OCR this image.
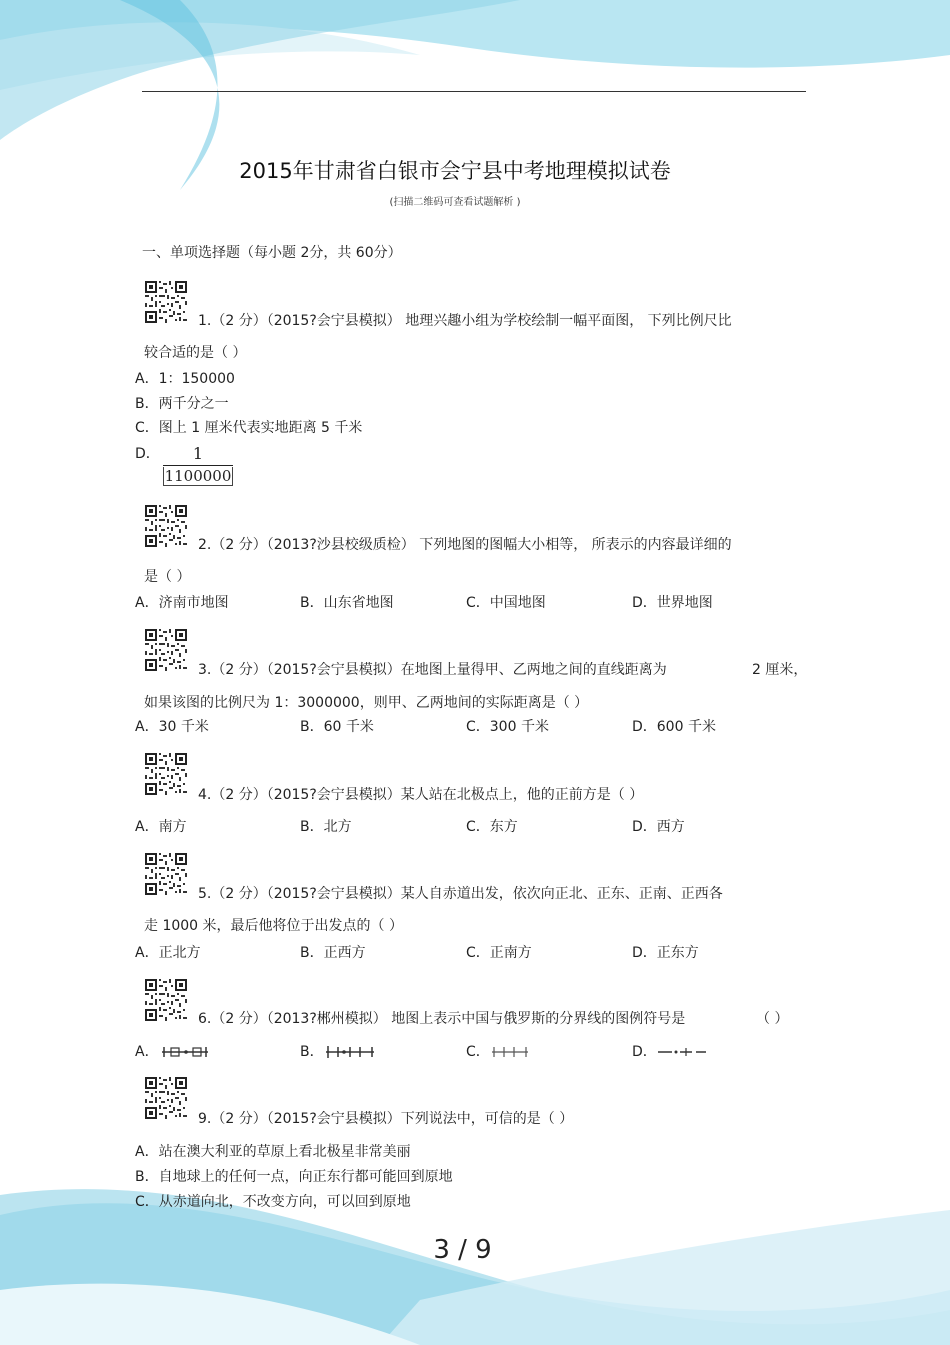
2015年甘肃省白银市会宁县中考地理模拟试卷
(扫描二维码可查看试题解析 )
一、单项选择题（每小题 2分，共 60分）
1.（2 分）（2015?会宁县模拟） 地理兴趣小组为学校绘制一幅平面图， 下列比例尺比
较合适的是（ ）
A．1：150000
B．两千分之一
C．图上 1 厘米代表实地距离 5 千米
D．	1
1100000
2.（2 分）（2013?沙县校级质检） 下列地图的图幅大小相等， 所表示的内容最详细的
是（ ）
A．济南市地图	B．山东省地图	C．中国地图	D．世界地图
3.（2 分）（2015?会宁县模拟）在地图上量得甲、乙两地之间的直线距离为	2 厘米，
如果该图的比例尺为 1：3000000，则甲、乙两地间的实际距离是（ ）
A．30 千米	B．60 千米	C．300 千米	D．600 千米
4.（2 分）（2015?会宁县模拟）某人站在北极点上，他的正前方是（ ）
A．南方	B．北方	C．东方	D．西方
5.（2 分）（2015?会宁县模拟）某人自赤道出发，依次向正北、正东、正南、正西各
走 1000 米，最后他将位于出发点的（ ）
A．正北方	B．正西方	C．正南方	D．正东方
6.（2 分）（2013?郴州模拟） 地图上表示中国与俄罗斯的分界线的图例符号是	（ ）
A．	B．	C．	D．
9.（2 分）（2015?会宁县模拟）下列说法中，可信的是（ ）
A．站在澳大利亚的草原上看北极星非常美丽
B．自地球上的任何一点，向正东行都可能回到原地
C．从赤道向北，不改变方向，可以回到原地
3 / 9
